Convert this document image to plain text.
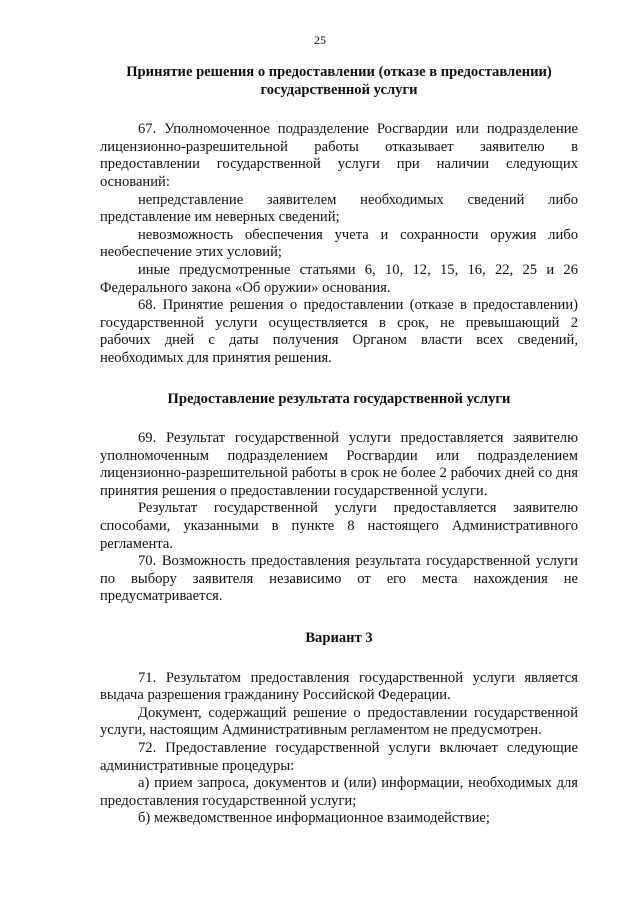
25
Принятие решения о предоставлении (отказе в предоставлении)
государственной услуги

67. Уполномоченное подразделение Росгвардии или подразделение лицензионно-разрешительной работы отказывает заявителю в предоставлении государственной услуги при наличии следующих оснований:

непредставление заявителем необходимых сведений либо представление им неверных сведений;

невозможность обеспечения учета и сохранности оружия либо необеспечение этих условий;

иные предусмотренные статьями 6, 10, 12, 15, 16, 22, 25 и 26 Федерального закона «Об оружии» основания.

68. Принятие решения о предоставлении (отказе в предоставлении) государственной услуги осуществляется в срок, не превышающий 2 рабочих дней с даты получения Органом власти всех сведений, необходимых для принятия решения.

Предоставление результата государственной услуги

69. Результат государственной услуги предоставляется заявителю уполномоченным подразделением Росгвардии или подразделением лицензионно-разрешительной работы в срок не более 2 рабочих дней со дня принятия решения о предоставлении государственной услуги.

Результат государственной услуги предоставляется заявителю способами, указанными в пункте 8 настоящего Административного регламента.

70. Возможность предоставления результата государственной услуги по выбору заявителя независимо от его места нахождения не предусматривается.

Вариант 3

71. Результатом предоставления государственной услуги является выдача разрешения гражданину Российской Федерации.

Документ, содержащий решение о предоставлении государственной услуги, настоящим Административным регламентом не предусмотрен.

72. Предоставление государственной услуги включает следующие административные процедуры:

а) прием запроса, документов и (или) информации, необходимых для предоставления государственной услуги;

б) межведомственное информационное взаимодействие;
